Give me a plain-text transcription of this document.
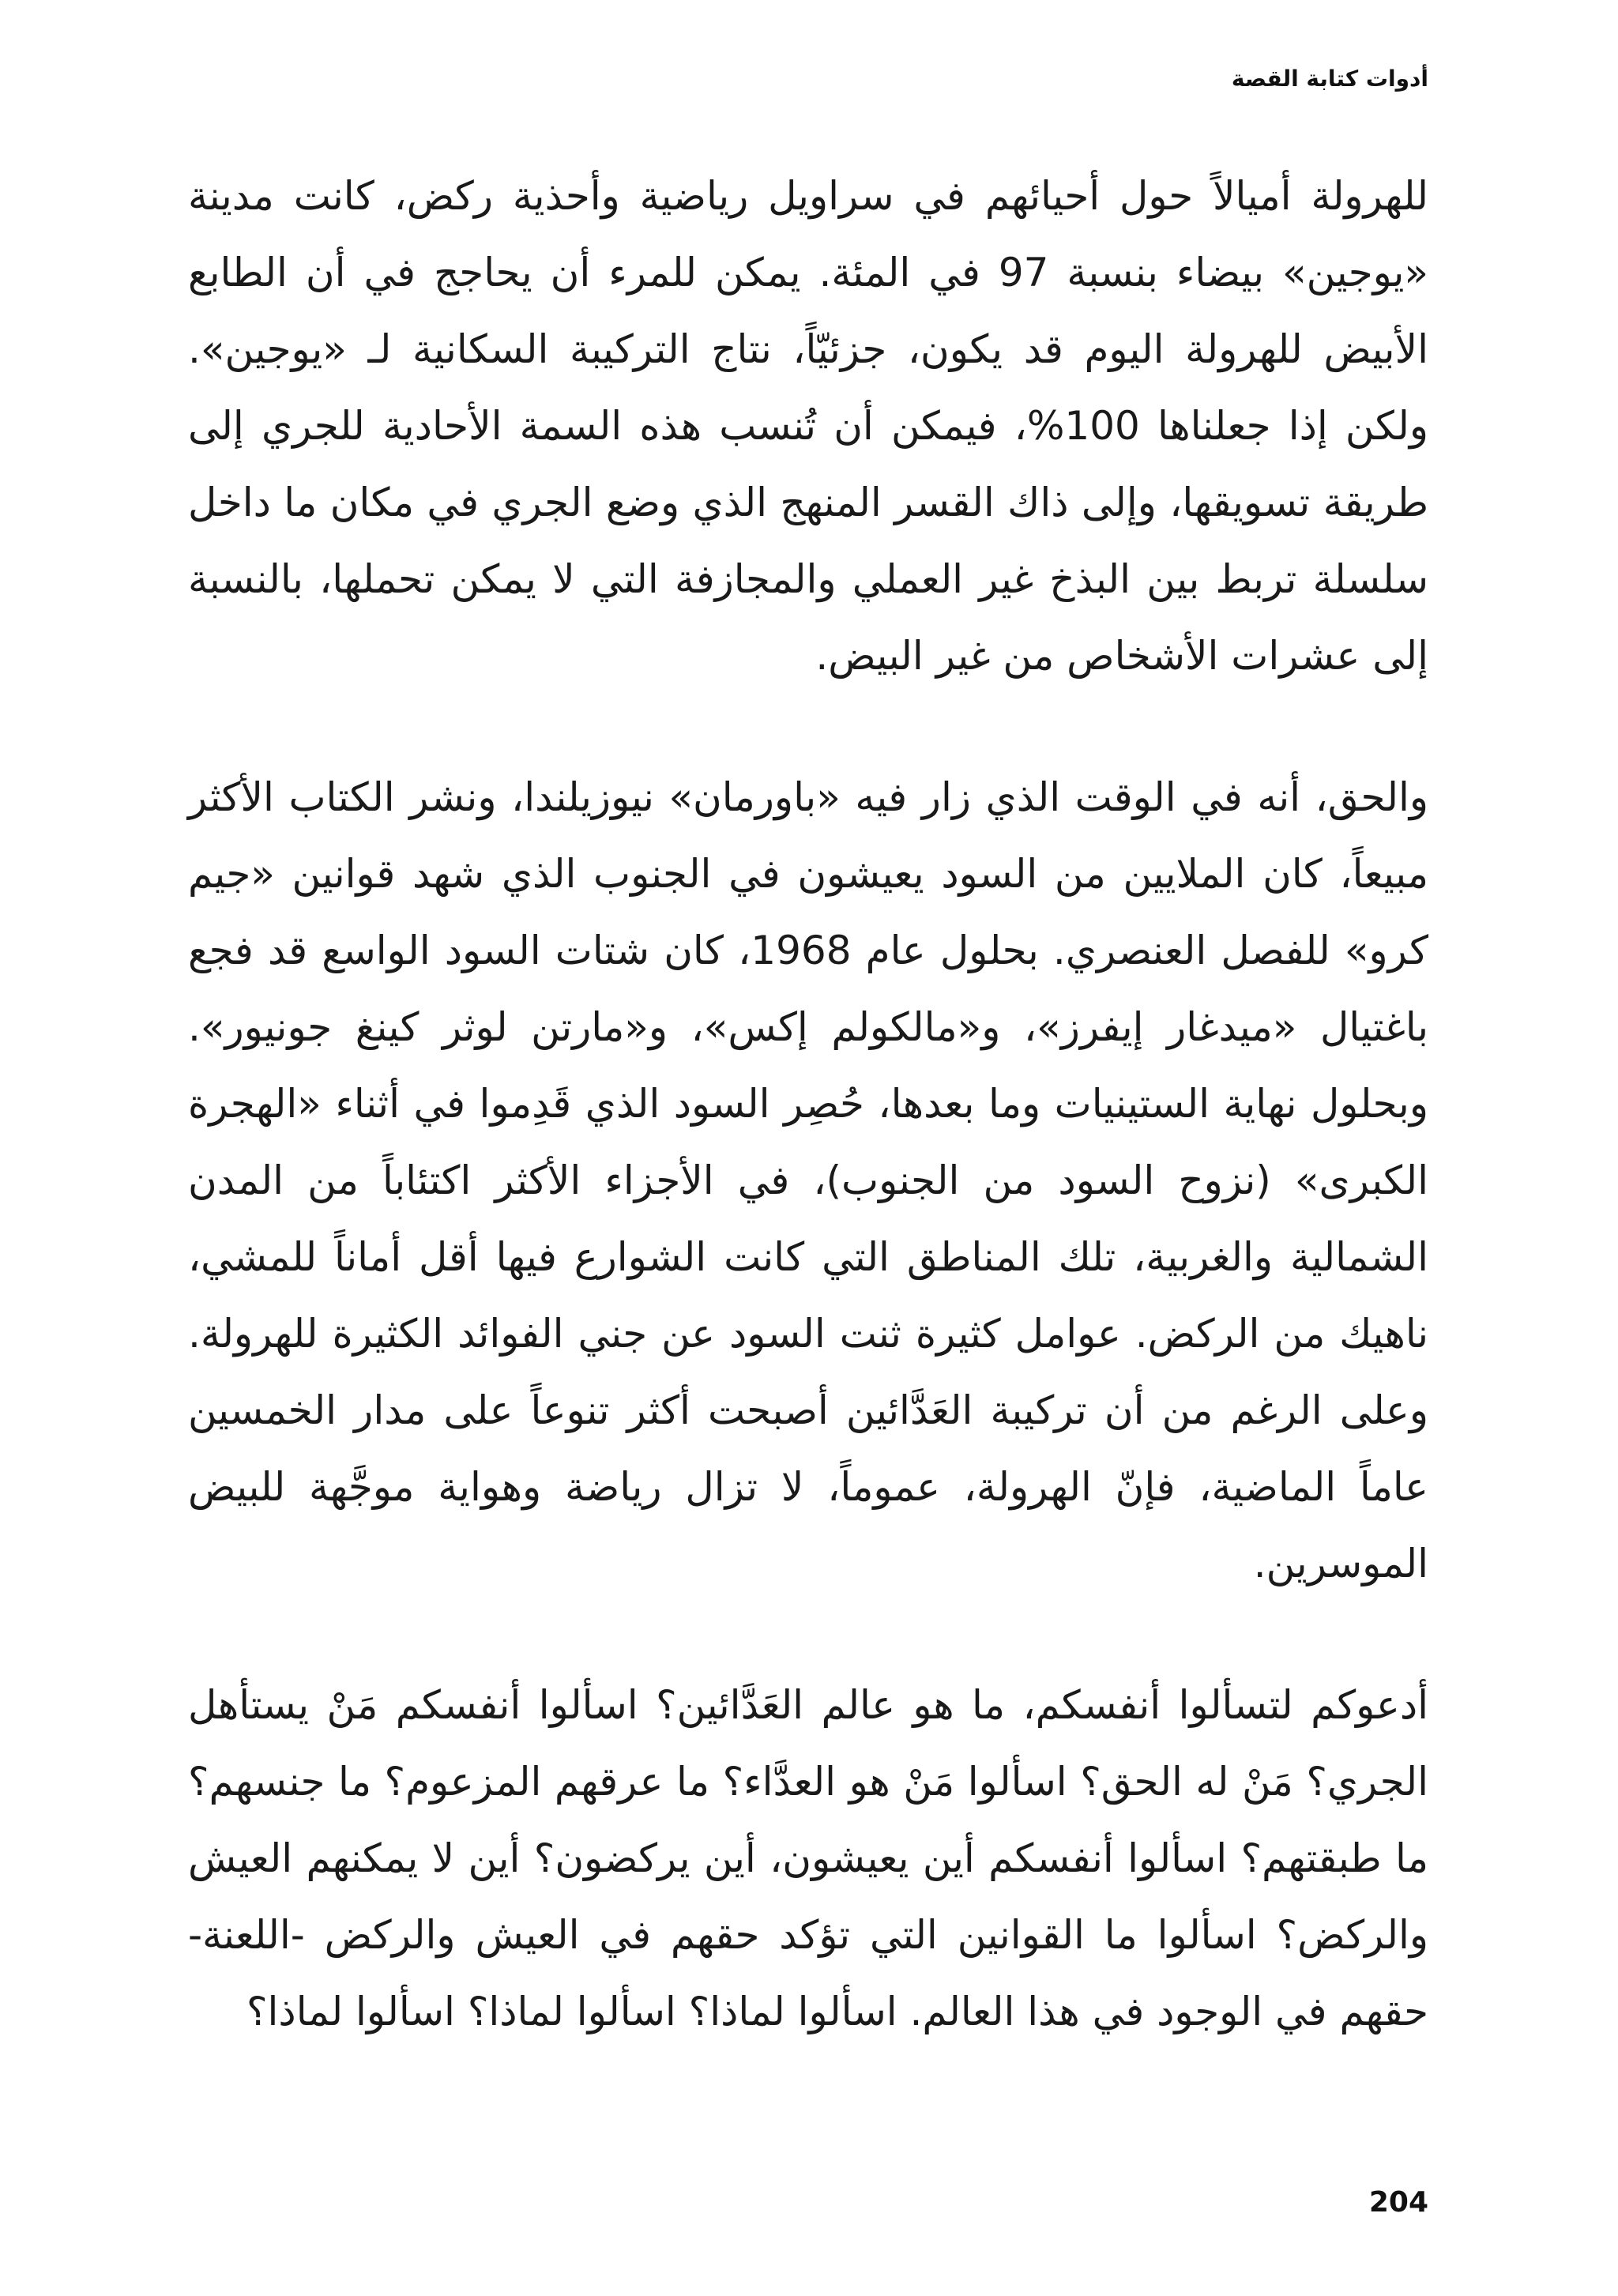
أدوات كتابة القصة

للهرولة أميالاً حول أحيائهم في سراويل رياضية وأحذية ركض، كانت مدينة «يوجين» بيضاء بنسبة 97 في المئة. يمكن للمرء أن يحاجج في أن الطابع الأبيض للهرولة اليوم قد يكون، جزئيّاً، نتاج التركيبة السكانية لـ «يوجين». ولكن إذا جعلناها 100%، فيمكن أن تُنسب هذه السمة الأحادية للجري إلى طريقة تسويقها، وإلى ذاك القسر المنهج الذي وضع الجري في مكان ما داخل سلسلة تربط بين البذخ غير العملي والمجازفة التي لا يمكن تحملها، بالنسبة إلى عشرات الأشخاص من غير البيض.

والحق، أنه في الوقت الذي زار فيه «باورمان» نيوزيلندا، ونشر الكتاب الأكثر مبيعاً، كان الملايين من السود يعيشون في الجنوب الذي شهد قوانين «جيم كرو» للفصل العنصري. بحلول عام 1968، كان شتات السود الواسع قد فجع باغتيال «ميدغار إيفرز»، و«مالكولم إكس»، و«مارتن لوثر كينغ جونيور». وبحلول نهاية الستينيات وما بعدها، حُصِر السود الذي قَدِموا في أثناء «الهجرة الكبرى» (نزوح السود من الجنوب)، في الأجزاء الأكثر اكتئاباً من المدن الشمالية والغربية، تلك المناطق التي كانت الشوارع فيها أقل أماناً للمشي، ناهيك من الركض. عوامل كثيرة ثنت السود عن جني الفوائد الكثيرة للهرولة. وعلى الرغم من أن تركيبة العَدَّائين أصبحت أكثر تنوعاً على مدار الخمسين عاماً الماضية، فإنّ الهرولة، عموماً، لا تزال رياضة وهواية موجَّهة للبيض الموسرين.

أدعوكم لتسألوا أنفسكم، ما هو عالم العَدَّائين؟ اسألوا أنفسكم مَنْ يستأهل الجري؟ مَنْ له الحق؟ اسألوا مَنْ هو العدَّاء؟ ما عرقهم المزعوم؟ ما جنسهم؟ ما طبقتهم؟ اسألوا أنفسكم أين يعيشون، أين يركضون؟ أين لا يمكنهم العيش والركض؟ اسألوا ما القوانين التي تؤكد حقهم في العيش والركض -اللعنة- حقهم في الوجود في هذا العالم. اسألوا لماذا؟ اسألوا لماذا؟ اسألوا لماذا؟

204
